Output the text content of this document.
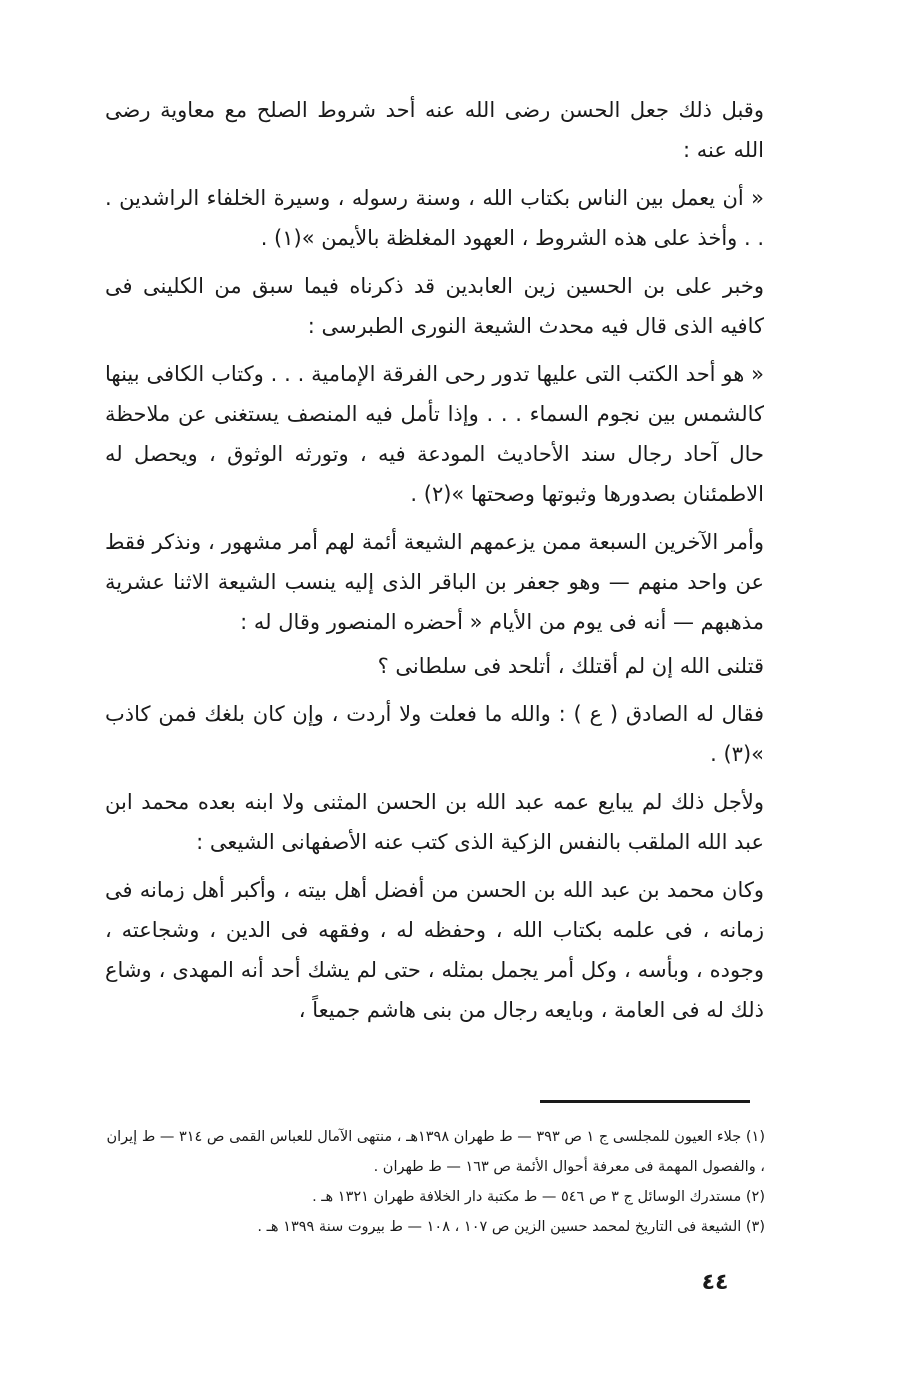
وقبل ذلك جعل الحسن رضى الله عنه أحد شروط الصلح مع معاوية رضى الله عنه :

« أن يعمل بين الناس بكتاب الله ، وسنة رسوله ، وسيرة الخلفاء الراشدين . . . وأخذ على هذه الشروط ، العهود المغلظة بالأيمن »(١) .

وخبر على بن الحسين زين العابدين قد ذكرناه فيما سبق من الكلينى فى كافيه الذى قال فيه محدث الشيعة النورى الطبرسى :

« هو أحد الكتب التى عليها تدور رحى الفرقة الإمامية . . . وكتاب الكافى بينها كالشمس بين نجوم السماء . . . وإذا تأمل فيه المنصف يستغنى عن ملاحظة حال آحاد رجال سند الأحاديث المودعة فيه ، وتورثه الوثوق ، ويحصل له الاطمئنان بصدورها وثبوتها وصحتها »(٢) .

وأمر الآخرين السبعة ممن يزعمهم الشيعة أئمة لهم أمر مشهور ، ونذكر فقط عن واحد منهم — وهو جعفر بن الباقر الذى إليه ينسب الشيعة الاثنا عشرية مذهبهم — أنه فى يوم من الأيام « أحضره المنصور وقال له :

قتلنى الله إن لم أقتلك ، أتلحد فى سلطانى ؟

فقال له الصادق ( ع ) : والله ما فعلت ولا أردت ، وإن كان بلغك فمن كاذب »(٣) .

ولأجل ذلك لم يبايع عمه عبد الله بن الحسن المثنى ولا ابنه بعده محمد ابن عبد الله الملقب بالنفس الزكية الذى كتب عنه الأصفهانى الشيعى :

وكان محمد بن عبد الله بن الحسن من أفضل أهل بيته ، وأكبر أهل زمانه فى زمانه ، فى علمه بكتاب الله ، وحفظه له ، وفقهه فى الدين ، وشجاعته ، وجوده ، وبأسه ، وكل أمر يجمل بمثله ، حتى لم يشك أحد أنه المهدى ، وشاع ذلك له فى العامة ، وبايعه رجال من بنى هاشم جميعاً ،

(١) جلاء العيون للمجلسى ج ١ ص ٣٩٣ — ط طهران ١٣٩٨هـ ، منتهى الآمال للعباس القمى ص ٣١٤ — ط إيران ، والفصول المهمة فى معرفة أحوال الأئمة ص ١٦٣ — ط طهران .

(٢) مستدرك الوسائل ج ٣ ص ٥٤٦ — ط مكتبة دار الخلافة طهران ١٣٢١ هـ .

(٣) الشيعة فى التاريخ لمحمد حسين الزين ص ١٠٧ ، ١٠٨ — ط بيروت سنة ١٣٩٩ هـ .

٤٤
